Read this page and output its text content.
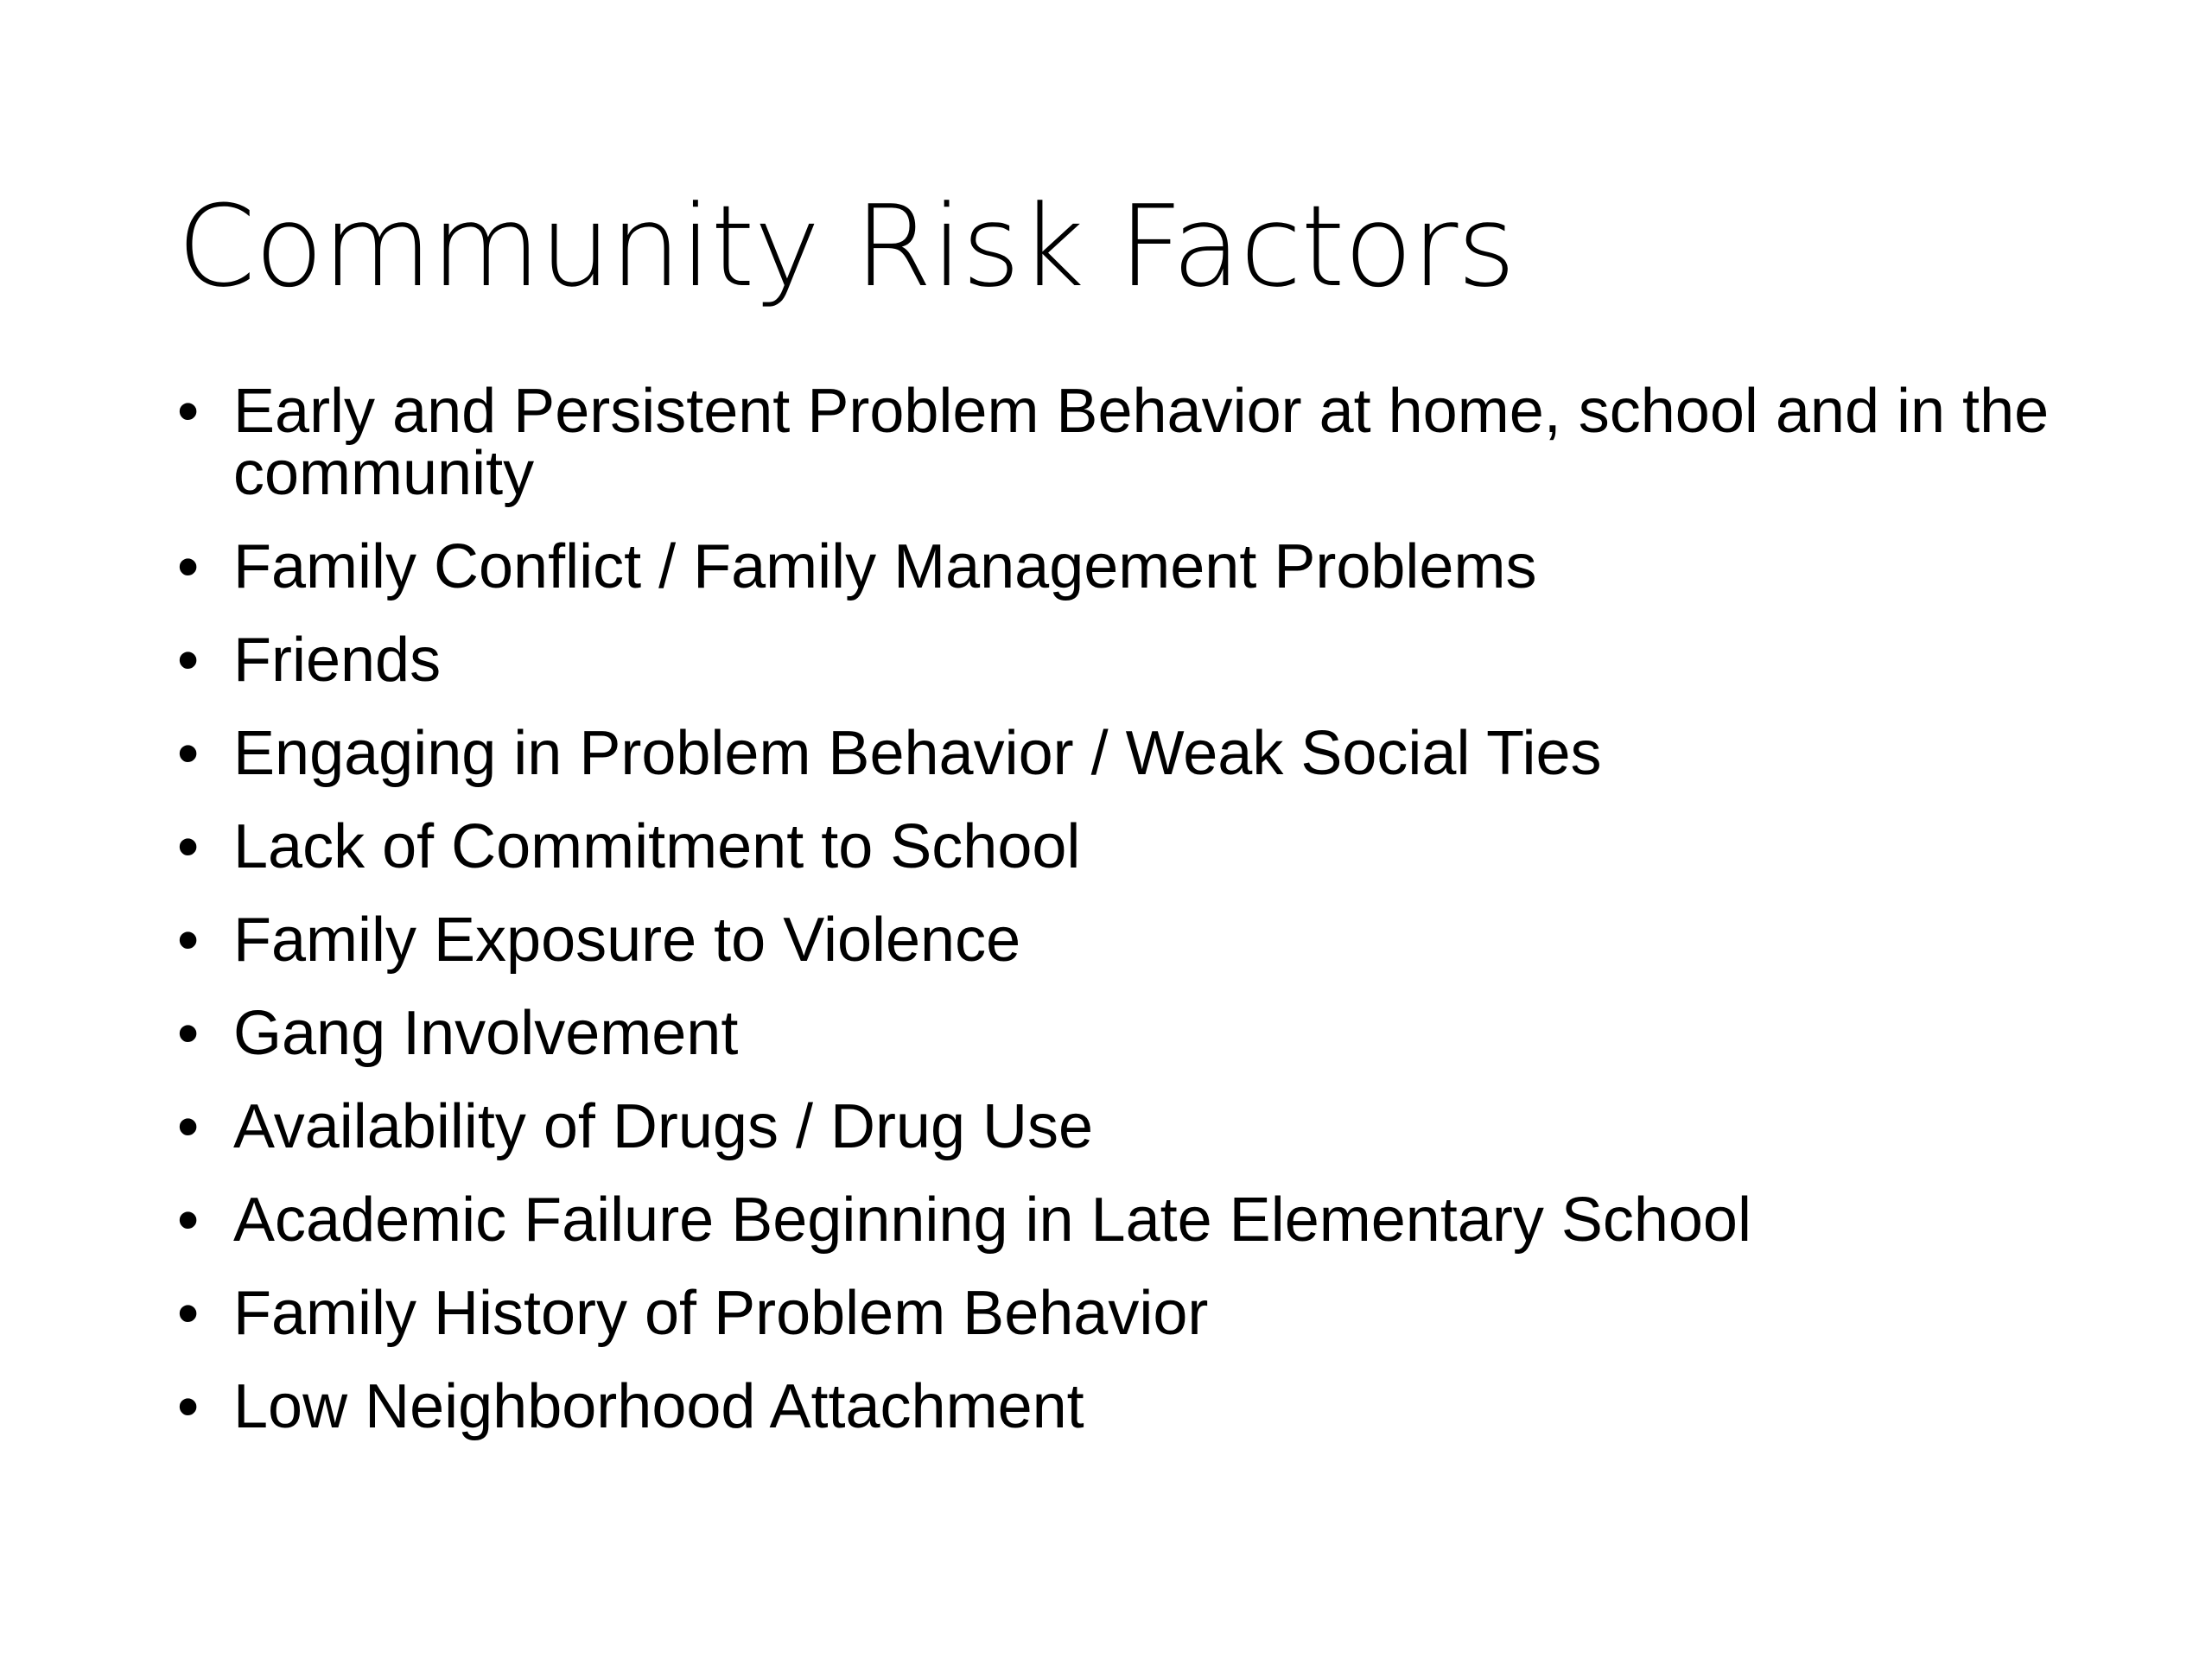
Community Risk Factors
• Early and Persistent Problem Behavior at home, school and in the community
• Family Conflict / Family Management Problems
• Friends
• Engaging in Problem Behavior / Weak Social Ties
• Lack of Commitment to School
• Family Exposure to Violence
• Gang Involvement
• Availability of Drugs / Drug Use
• Academic Failure Beginning in Late Elementary School
• Family History of Problem Behavior
• Low Neighborhood Attachment
